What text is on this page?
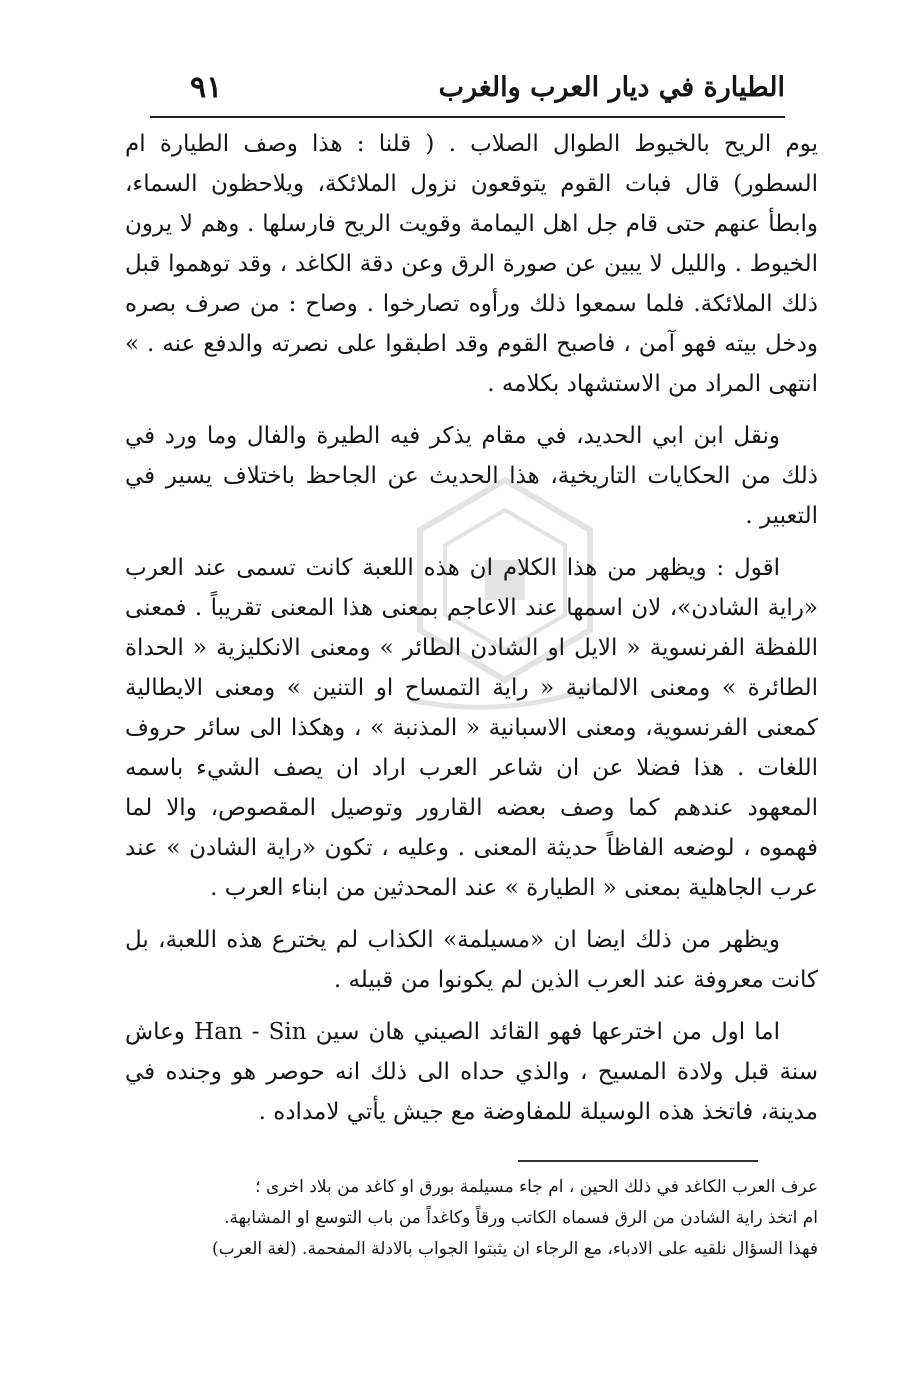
الطيارة في ديار العرب والغرب
٩١

يوم الريح بالخيوط الطوال الصلاب . ( قلنا : هذا وصف الطيارة ام السطور) قال فبات القوم يتوقعون نزول الملائكة، ويلاحظون السماء، وابطأ عنهم حتى قام جل اهل اليمامة وقويت الريح فارسلها . وهم لا يرون الخيوط . والليل لا يبين عن صورة الرق وعن دقة الكاغد ، وقد توهموا قبل ذلك الملائكة. فلما سمعوا ذلك ورأوه تصارخوا . وصاح : من صرف بصره ودخل بيته فهو آمن ، فاصبح القوم وقد اطبقوا على نصرته والدفع عنه . » انتهى المراد من الاستشهاد بكلامه .

ونقل ابن ابي الحديد، في مقام يذكر فيه الطيرة والفال وما ورد في ذلك من الحكايات التاريخية، هذا الحديث عن الجاحظ باختلاف يسير في التعبير .

اقول : ويظهر من هذا الكلام ان هذه اللعبة كانت تسمى عند العرب «راية الشادن»، لان اسمها عند الاعاجم بمعنى هذا المعنى تقريباً . فمعنى اللفظة الفرنسوية « الايل او الشادن الطائر » ومعنى الانكليزية « الحداة الطائرة » ومعنى الالمانية « راية التمساح او التنين » ومعنى الايطالية كمعنى الفرنسوية، ومعنى الاسبانية « المذنبة » ، وهكذا الى سائر حروف اللغات . هذا فضلا عن ان شاعر العرب اراد ان يصف الشيء باسمه المعهود عندهم كما وصف بعضه القارور وتوصيل المقصوص، والا لما فهموه ، لوضعه الفاظاً حديثة المعنى . وعليه ، تكون «راية الشادن » عند عرب الجاهلية بمعنى « الطيارة » عند المحدثين من ابناء العرب .

ويظهر من ذلك ايضا ان «مسيلمة» الكذاب لم يخترع هذه اللعبة، بل كانت معروفة عند العرب الذين لم يكونوا من قبيله .

اما اول من اخترعها فهو القائد الصيني هان سين Han - Sin وعاش سنة قبل ولادة المسيح ، والذي حداه الى ذلك انه حوصر هو وجنده في مدينة، فاتخذ هذه الوسيلة للمفاوضة مع جيش يأتي لامداده .

عرف العرب الكاغد في ذلك الحين ، ام جاء مسيلمة بورق او كاغد من بلاد اخرى ؛

ام اتخذ راية الشادن من الرق فسماه الكاتب ورقاً وكاغداً من باب التوسع او المشابهة.

فهذا السؤال نلقيه على الادباء، مع الرجاء ان يثبتوا الجواب بالادلة المفحمة. (لغة العرب)
